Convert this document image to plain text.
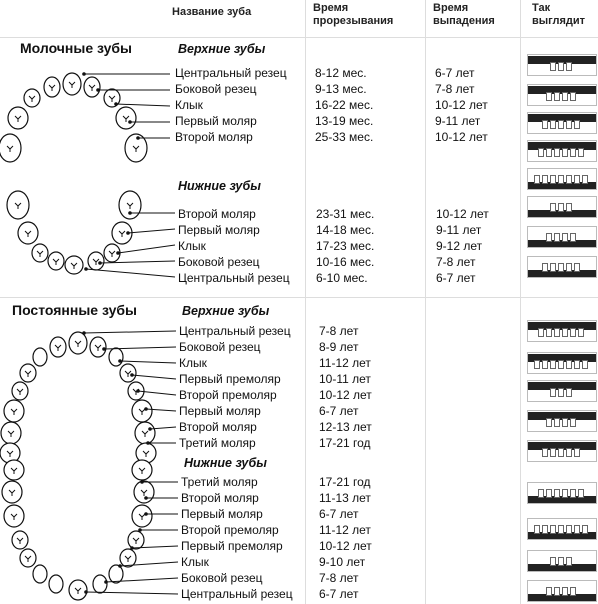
Название зуба	Время прорезывания
Время выпадения
Так выглядит
Молочные зубы	Верхние зубы
Нижние зубы
Постоянные зубы	Верхние зубы
Нижние зубы
Центральный резец 8-12 мес.	6-7 лет
Боковой резец	9-13 мес.	7-8 лет
Клык	16-22 мес.	10-12 лет
Первый моляр	13-19 мес.	9-11 лет
Второй моляр	25-33 мес.	10-12 лет
Второй моляр	23-31 мес.	10-12 лет
Первый моляр	14-18 мес.	9-11 лет
Клык	17-23 мес.	9-12 лет
Боковой резец	10-16 мес.	7-8 лет
Центральный резец 6-10 мес.	6-7 лет
Центральный резец 7-8 лет
Боковой резец	8-9 лет
Клык	11-12 лет
Первый премоляр	10-11 лет
Второй премоляр	10-12 лет
Первый моляр	6-7 лет
Второй моляр	12-13 лет
Третий моляр	17-21 год
Третий моляр	17-21 год
Второй моляр	11-13 лет
Первый моляр	6-7 лет
Второй премоляр	11-12 лет
Первый премоляр	10-12 лет
Клык	9-10 лет
Боковой резец	7-8 лет
Центральный резец 6-7 лет
